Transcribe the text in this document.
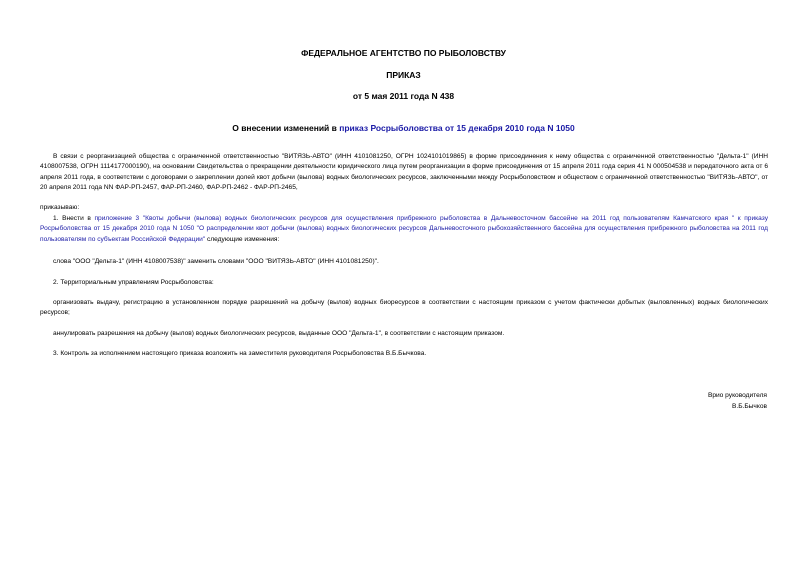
ФЕДЕРАЛЬНОЕ АГЕНТСТВО ПО РЫБОЛОВСТВУ
ПРИКАЗ
от 5 мая 2011 года N 438
О внесении изменений в приказ Росрыболовства от 15 декабря 2010 года N 1050
В связи с реорганизацией общества с ограниченной ответственностью "ВИТЯЗЬ-АВТО" (ИНН 4101081250, ОГРН 1024101019865) в форме присоединения к нему общества с ограниченной ответственностью "Дельта-1" (ИНН 4108007538, ОГРН 1114177000190), на основании Свидетельства о прекращении деятельности юридического лица путем реорганизации в форме присоединения от 15 апреля 2011 года серия 41 N 000504538 и передаточного акта от 6 апреля 2011 года, в соответствии с договорами о закреплении долей квот добычи (вылова) водных биологических ресурсов, заключенными между Росрыболовством и обществом с ограниченной ответственностью "ВИТЯЗЬ-АВТО", от 20 апреля 2011 года NN ФАР-РП-2457, ФАР-РП-2460, ФАР-РП-2462 - ФАР-РП-2465,
приказываю:
1. Внести в приложение 3 "Квоты добычи (вылова) водных биологических ресурсов для осуществления прибрежного рыболовства в Дальневосточном бассейне на 2011 год пользователям Камчатского края " к приказу Росрыболовства от 15 декабря 2010 года N 1050 "О распределении квот добычи (вылова) водных биологических ресурсов Дальневосточного рыбохозяйственного бассейна для осуществления прибрежного рыболовства на 2011 год пользователям по субъектам Российской Федерации" следующие изменения:
слова "ООО "Дельта-1" (ИНН 4108007538)" заменить словами "ООО "ВИТЯЗЬ-АВТО" (ИНН 4101081250)".
2. Территориальным управлениям Росрыболовства:
организовать выдачу, регистрацию в установленном порядке разрешений на добычу (вылов) водных биоресурсов в соответствии с настоящим приказом с учетом фактически добытых (выловленных) водных биологических ресурсов;
аннулировать разрешения на добычу (вылов) водных биологических ресурсов, выданные ООО "Дельта-1", в соответствии с настоящим приказом.
3. Контроль за исполнением настоящего приказа возложить на заместителя руководителя Росрыболовства В.Б.Бычкова.
Врио руководителя
В.Б.Бычков
